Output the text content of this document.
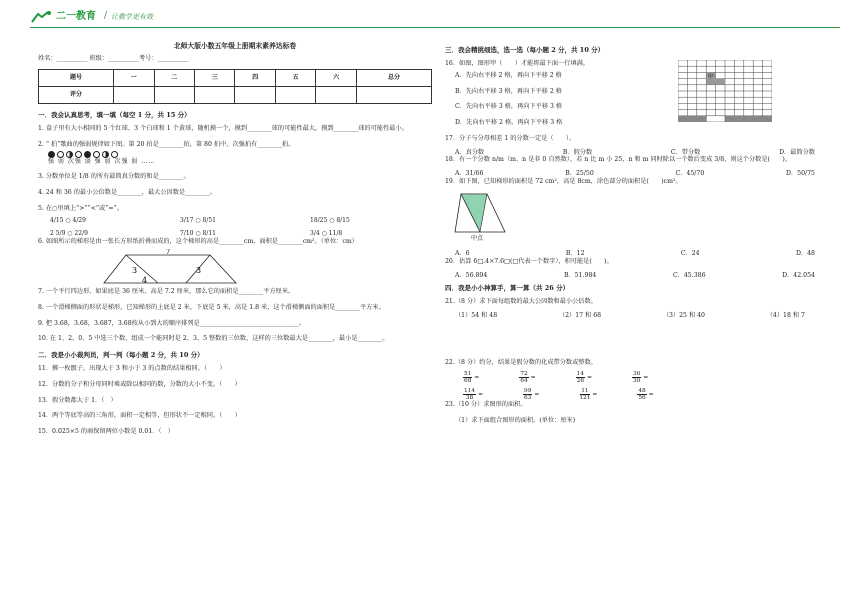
二一教育 / 让教学更有效
北师大版小数五年级上册期末素养达标卷
姓名：__________ 班级：__________考号：__________
题号	一	二	三	四	五	六	总分
评分							
一．我会认真思考，填一填（每空 1 分，共 15 分）
1. 盒子里有大小相同的 5 个红球、3 个白球和 1 个黄球，随机摸一个，摸到________球的可能性最大，摸到________球的可能性最小。
2. “ 拍”歌曲的强弱规律如下图。第 20 拍是________拍，第 80 拍中，次强拍有________拍。
强 弱 次强 弱 强 弱 次强 弱 ……
3. 分数单位是 1/8 的所有最简真分数的和是________。
4. 24 和 36 的最小公倍数是________，最大公因数是________。
5. 在○里填上“>”“<”或“=”。
4/15 ○ 4/29	3/17 ○ 8/51	18/25 ○ 8/15
2 5/9 ○ 22/9	7/10 ○ 8/11	3/4 ○ 11/8
6. 如图所示的梯形是由一张长方形纸折叠而成的，这个梯形的高是________cm，面积是________cm²。（单位：cm）
7
3	3
4
7. 一个平行四边形，如果底是 36 厘米，高是 7.2 厘米，那么它的面积是________平方厘米。
8. 一个滑梯侧面的形状是梯形，已知梯形的上底是 2 米，下底是 5 米，高是 1.8 米，这个滑梯侧面的面积是________平方米。
9. 把 3.68，3.68，3.687，3.68按从小到大的顺序排列是________________________________。
10. 在 1、2、0、5 中选三个数，组成一个能同时是 2、3、5 整数的三位数，这样的三位数最大是________，最小是________。
二．我是小小裁判员，判一判（每小题 2 分，共 10 分）
11．掷一枚骰子，出现大于 3 和小于 3 的点数的结果相同。（　　）
12．分数的分子和分母同时乘或除以相同的数，分数的大小不变。（　　）
13．假分数都大于 1．（　）
14．两个等底等高的三角形，面积一定相等，但形状不一定相同。（　　）
15．0.025×5 的商保留两位小数是 0.01．（　）
三．我会精挑细选，选一选（每小题 2 分，共 10 分）
16．如图，图形甲（　　）才能将最下面一行填满。
A．先向右平移 2 格，再向下平移 2 格
B．先向右平移 3 格，再向下平移 2 格
C．先向右平移 3 格，再向下平移 3 格
D．先向右平移 2 格，再向下平移 3 格
甲
17．分子与分母相差 1 的分数一定是（　　）。
A．真分数	B．假分数	C．带分数	D．最简分数
18．有一个分数 n/m（m、n 是非 0 自然数），若 n 比 m 小 25，n 和 m 同时除以一个数后变成 3/8，则这个分数是(　　)。
A．31/66	B．25/50	C．45/70	D．50/75
19．如下图，已知梯形的面积是 72 cm²，高是 8cm，涂色部分的面积是(　　)cm²。
中点
A．6	B．12	C．24	D．48
20．估算 6□.4×7.6□(□代表一个数字），积可能是(　　)。
A．56.894	B．51.984	C．45.386	D．42.054
四．我是小小神算手，算一算（共 26 分）
21.（8 分）求下面每组数的最大公因数和最小公倍数。
（1）54 和 48	（2）17 和 68	（3）25 和 40	（4）18 和 7
22.（8 分）约分，结果是假分数的化成带分数或整数。
$\frac{51}{68}$ =	$\frac{72}{64}$ =	$\frac{14}{26}$ =	$\frac{36}{30}$ =
$\frac{114}{38}$ =	$\frac{99}{63}$ =	$\frac{11}{121}$ =	$\frac{48}{56}$ =
23.（10 分）求图形的面积。
（1）求下面组合图形的面积。(单位：厘米)
